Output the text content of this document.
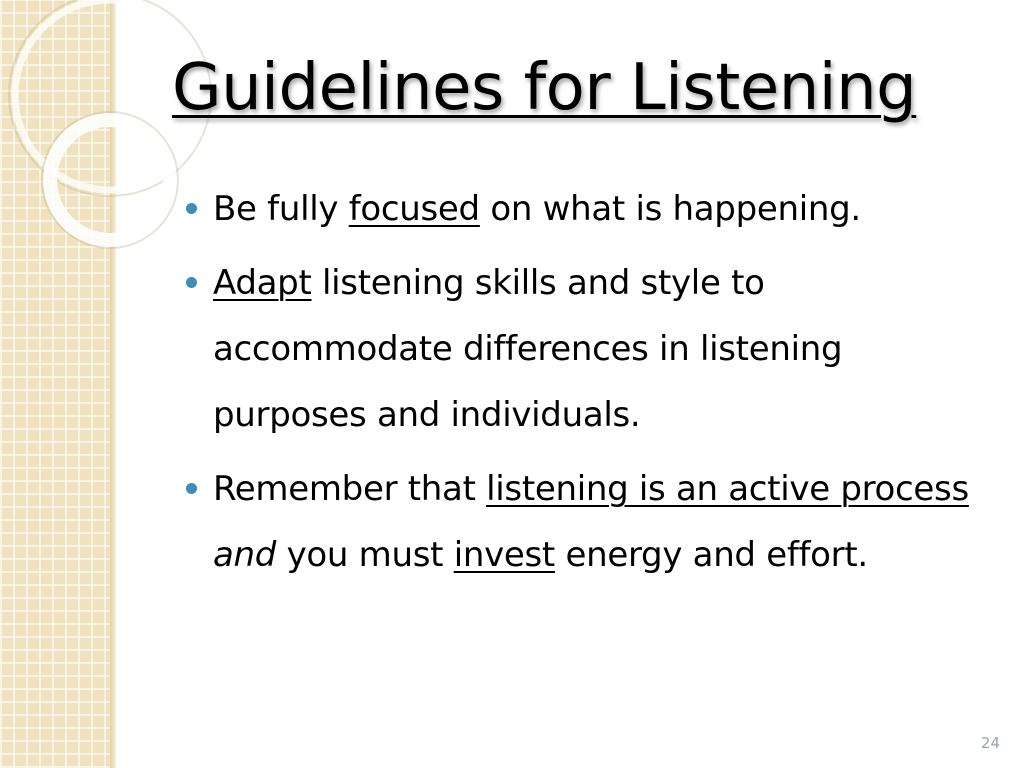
Guidelines for Listening
Be fully focused on what is happening.
Adapt listening skills and style to accommodate differences in listening purposes and individuals.
Remember that listening is an active process and you must invest energy and effort.
24
